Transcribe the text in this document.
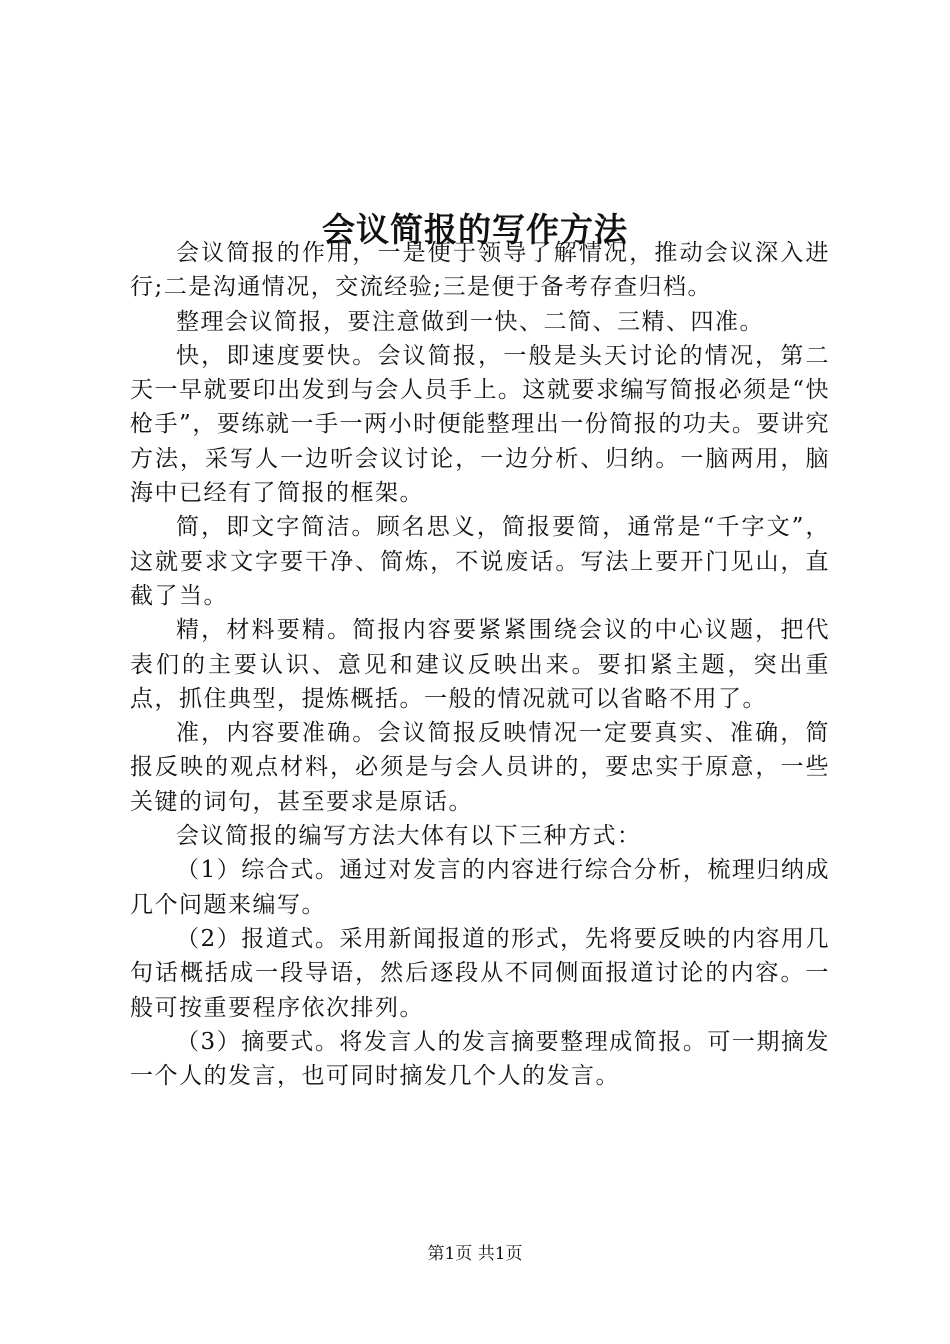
会议简报的写作方法

会议简报的作用，一是便于领导了解情况，推动会议深入进行;二是沟通情况，交流经验;三是便于备考存查归档。

整理会议简报，要注意做到一快、二简、三精、四准。

快，即速度要快。会议简报，一般是头天讨论的情况，第二天一早就要印出发到与会人员手上。这就要求编写简报必须是“快枪手”，要练就一手一两小时便能整理出一份简报的功夫。要讲究方法，采写人一边听会议讨论，一边分析、归纳。一脑两用，脑海中已经有了简报的框架。

简，即文字简洁。顾名思义，简报要简，通常是“千字文”，这就要求文字要干净、简炼，不说废话。写法上要开门见山，直截了当。

精，材料要精。简报内容要紧紧围绕会议的中心议题，把代表们的主要认识、意见和建议反映出来。要扣紧主题，突出重点，抓住典型，提炼概括。一般的情况就可以省略不用了。

准，内容要准确。会议简报反映情况一定要真实、准确，简报反映的观点材料，必须是与会人员讲的，要忠实于原意，一些关键的词句，甚至要求是原话。

会议简报的编写方法大体有以下三种方式：

（1）综合式。通过对发言的内容进行综合分析，梳理归纳成几个问题来编写。

（2）报道式。采用新闻报道的形式，先将要反映的内容用几句话概括成一段导语，然后逐段从不同侧面报道讨论的内容。一般可按重要程序依次排列。

（3）摘要式。将发言人的发言摘要整理成简报。可一期摘发一个人的发言，也可同时摘发几个人的发言。

第1页 共1页
